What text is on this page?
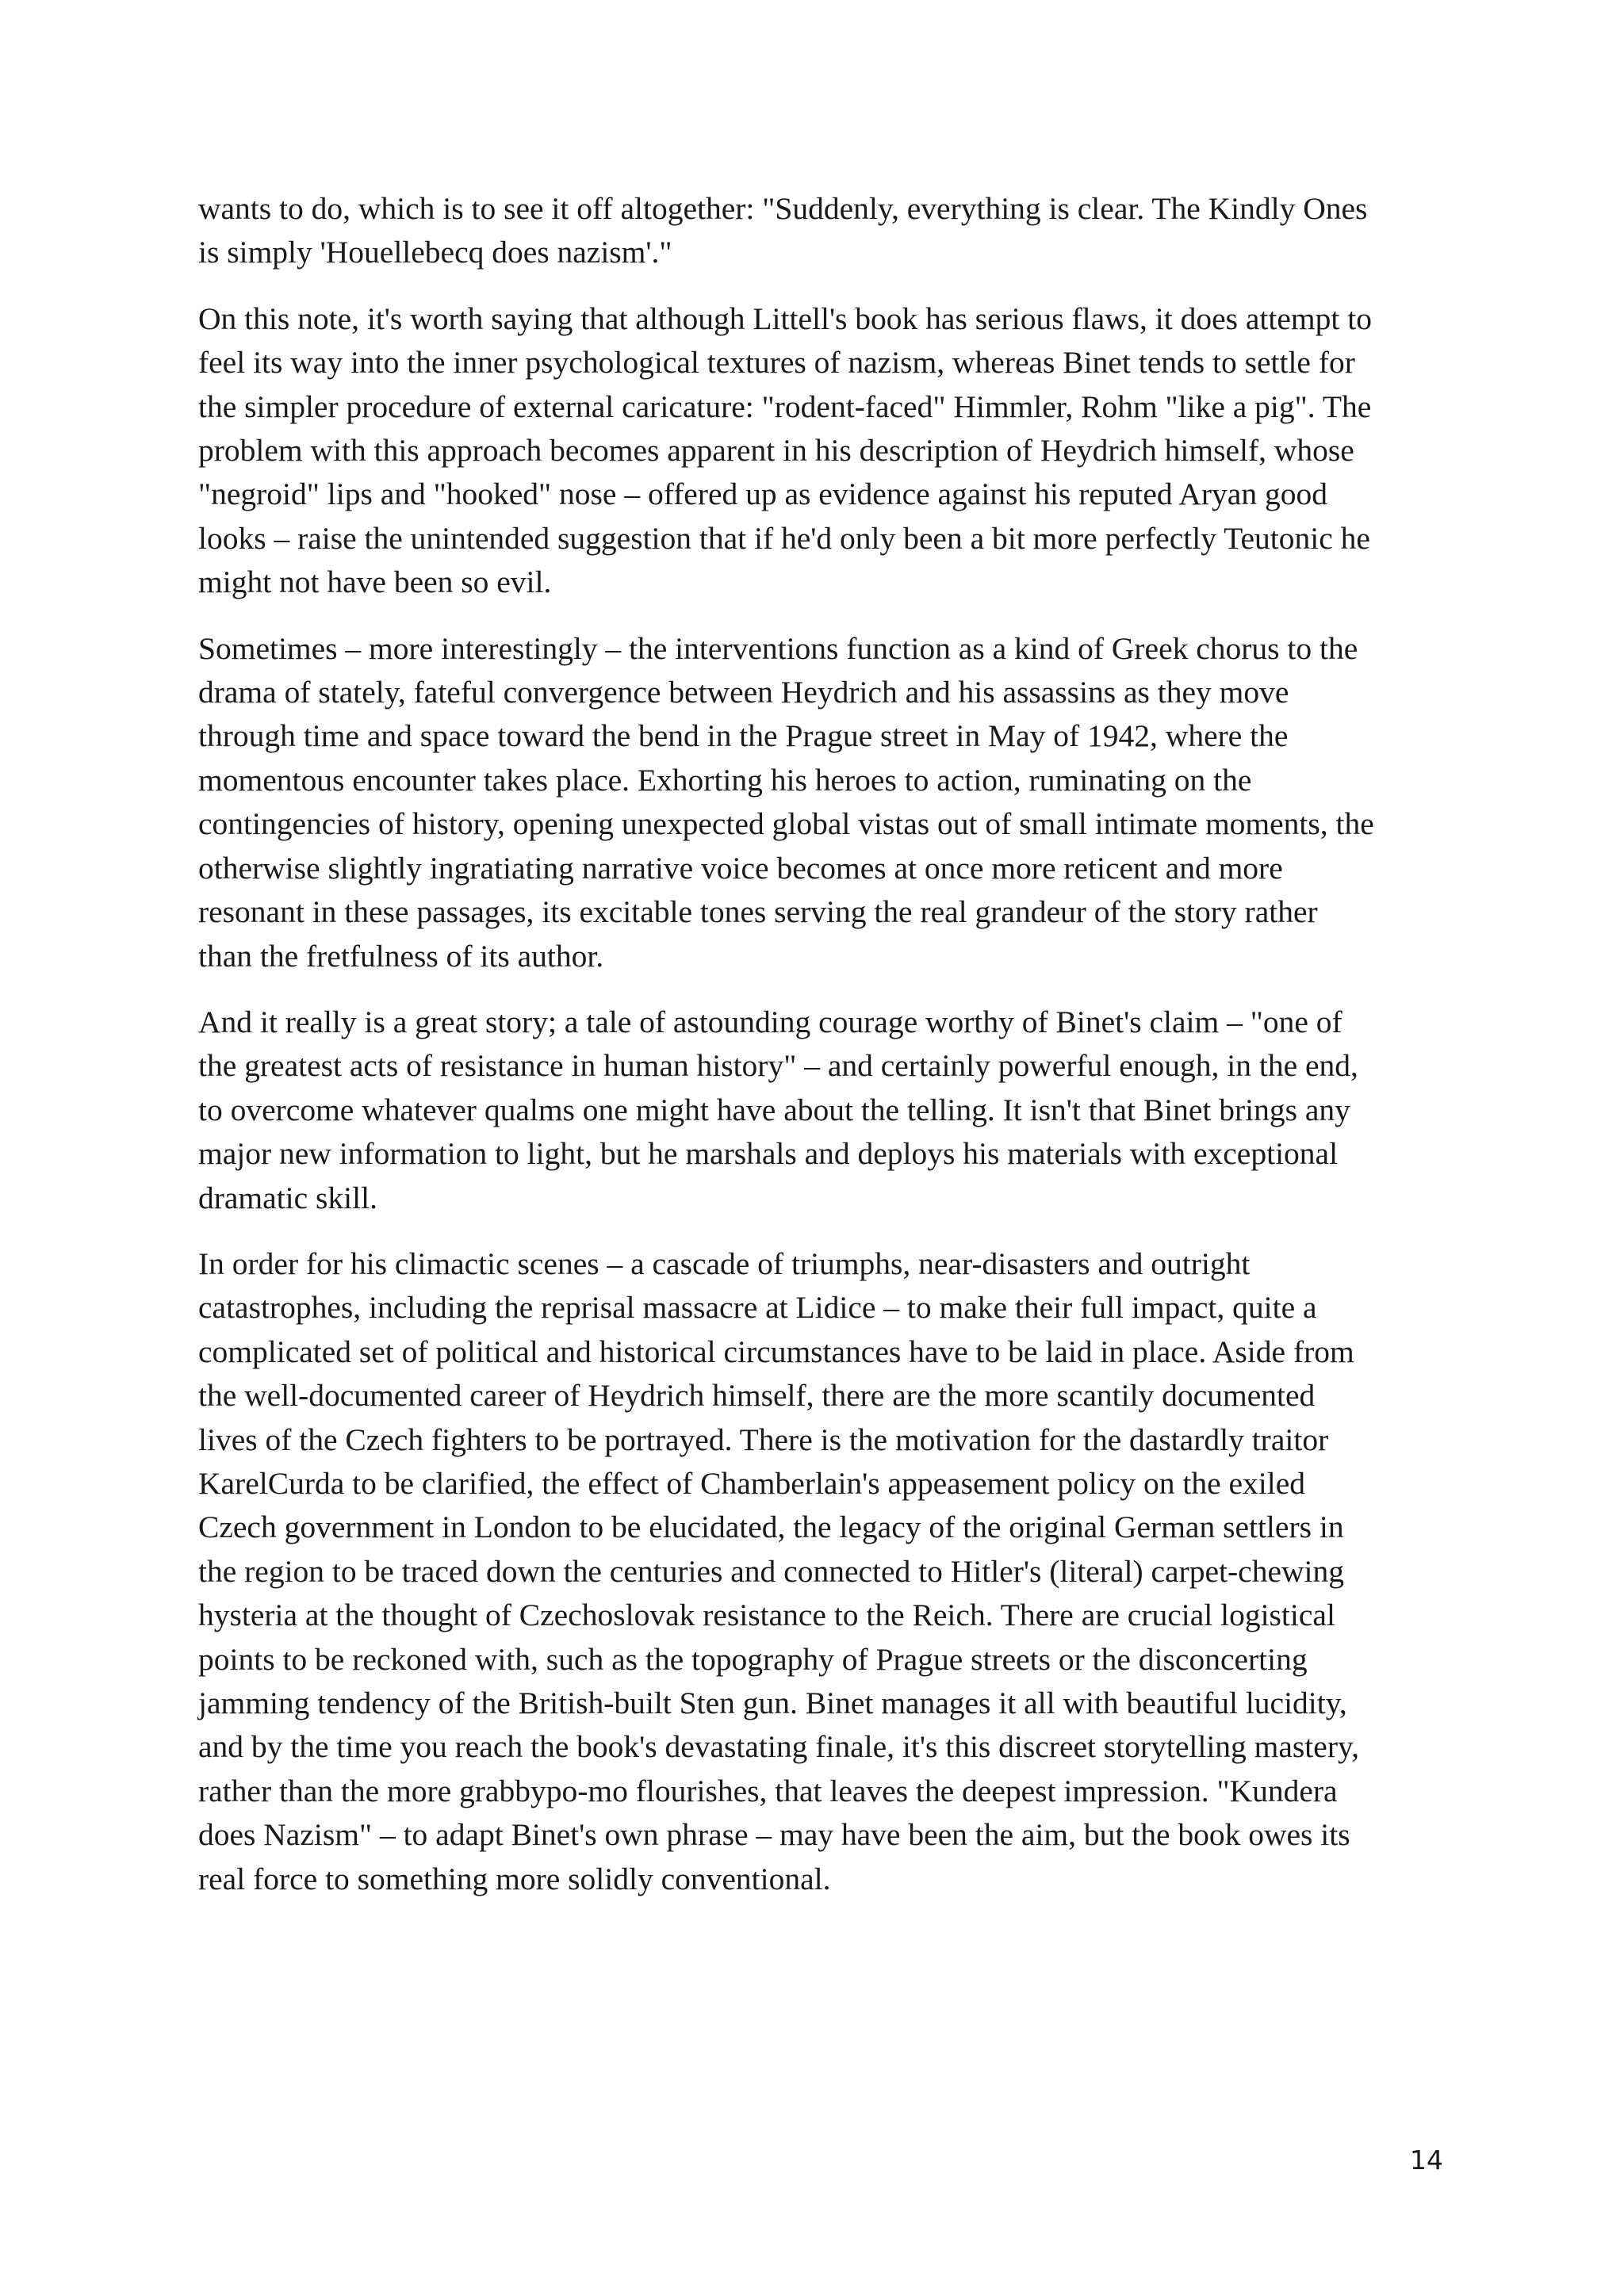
wants to do, which is to see it off altogether: "Suddenly, everything is clear. The Kindly Ones
is simply 'Houellebecq does nazism'."

On this note, it's worth saying that although Littell's book has serious flaws, it does attempt to
feel its way into the inner psychological textures of nazism, whereas Binet tends to settle for
the simpler procedure of external caricature: "rodent-faced" Himmler, Rohm "like a pig". The
problem with this approach becomes apparent in his description of Heydrich himself, whose
"negroid" lips and "hooked" nose – offered up as evidence against his reputed Aryan good
looks – raise the unintended suggestion that if he'd only been a bit more perfectly Teutonic he
might not have been so evil.

Sometimes – more interestingly – the interventions function as a kind of Greek chorus to the
drama of stately, fateful convergence between Heydrich and his assassins as they move
through time and space toward the bend in the Prague street in May of 1942, where the
momentous encounter takes place. Exhorting his heroes to action, ruminating on the
contingencies of history, opening unexpected global vistas out of small intimate moments, the
otherwise slightly ingratiating narrative voice becomes at once more reticent and more
resonant in these passages, its excitable tones serving the real grandeur of the story rather
than the fretfulness of its author.

And it really is a great story; a tale of astounding courage worthy of Binet's claim – "one of
the greatest acts of resistance in human history" – and certainly powerful enough, in the end,
to overcome whatever qualms one might have about the telling. It isn't that Binet brings any
major new information to light, but he marshals and deploys his materials with exceptional
dramatic skill.

In order for his climactic scenes – a cascade of triumphs, near-disasters and outright
catastrophes, including the reprisal massacre at Lidice – to make their full impact, quite a
complicated set of political and historical circumstances have to be laid in place. Aside from
the well-documented career of Heydrich himself, there are the more scantily documented
lives of the Czech fighters to be portrayed. There is the motivation for the dastardly traitor
KarelCurda to be clarified, the effect of Chamberlain's appeasement policy on the exiled
Czech government in London to be elucidated, the legacy of the original German settlers in
the region to be traced down the centuries and connected to Hitler's (literal) carpet-chewing
hysteria at the thought of Czechoslovak resistance to the Reich. There are crucial logistical
points to be reckoned with, such as the topography of Prague streets or the disconcerting
jamming tendency of the British-built Sten gun. Binet manages it all with beautiful lucidity,
and by the time you reach the book's devastating finale, it's this discreet storytelling mastery,
rather than the more grabbypo-mo flourishes, that leaves the deepest impression. "Kundera
does Nazism" – to adapt Binet's own phrase – may have been the aim, but the book owes its
real force to something more solidly conventional.

14
